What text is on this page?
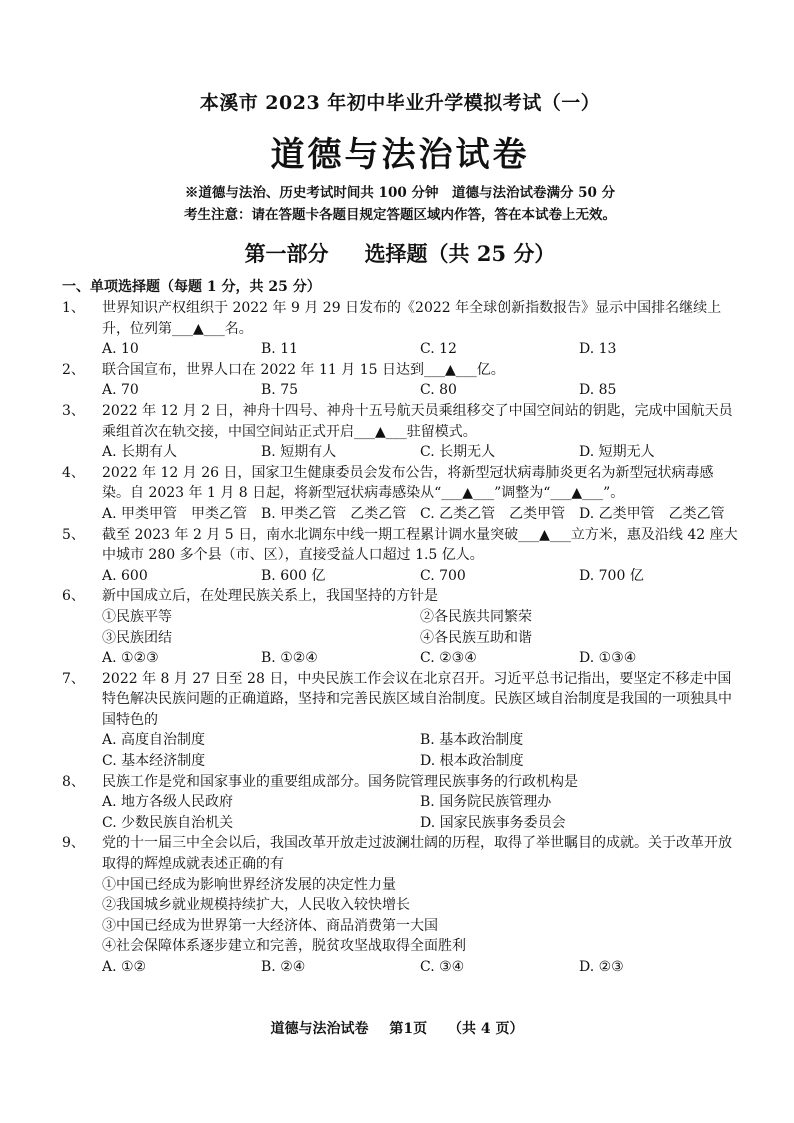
本溪市 2023 年初中毕业升学模拟考试（一）
道德与法治试卷
※道德与法治、历史考试时间共 100 分钟　道德与法治试卷满分 50 分
考生注意：请在答题卡各题目规定答题区域内作答，答在本试卷上无效。
第一部分 选择题（共 25 分）
一、单项选择题（每题 1 分，共 25 分）
1、	世界知识产权组织于 2022 年 9 月 29 日发布的《2022 年全球创新指数报告》显示中国排名继续上升，位列第___▲___名。
A. 10	B. 11	C. 12	D. 13
2、	联合国宣布，世界人口在 2022 年 11 月 15 日达到___▲___亿。
A. 70	B. 75	C. 80	D. 85
3、	2022 年 12 月 2 日，神舟十四号、神舟十五号航天员乘组移交了中国空间站的钥匙，完成中国航天员乘组首次在轨交接，中国空间站正式开启___▲___驻留模式。
A. 长期有人	B. 短期有人	C. 长期无人	D. 短期无人
4、	2022 年 12 月 26 日，国家卫生健康委员会发布公告，将新型冠状病毒肺炎更名为新型冠状病毒感染。自 2023 年 1 月 8 日起，将新型冠状病毒感染从“___▲___”调整为“___▲___”。
A. 甲类甲管　甲类乙管 B. 甲类乙管　乙类乙管 C. 乙类乙管　乙类甲管 D. 乙类甲管　乙类乙管
5、	截至 2023 年 2 月 5 日，南水北调东中线一期工程累计调水量突破___▲___立方米，惠及沿线 42 座大中城市 280 多个县（市、区），直接受益人口超过 1.5 亿人。
A. 600	B. 600 亿	C. 700	D. 700 亿
6、	新中国成立后，在处理民族关系上，我国坚持的方针是
①民族平等	②各民族共同繁荣
③民族团结	④各民族互助和谐
A. ①②③	B. ①②④	C. ②③④	D. ①③④
7、	2022 年 8 月 27 日至 28 日，中央民族工作会议在北京召开。习近平总书记指出，要坚定不移走中国特色解决民族问题的正确道路，坚持和完善民族区域自治制度。民族区域自治制度是我国的一项独具中国特色的
A. 高度自治制度	B. 基本政治制度
C. 基本经济制度	D. 根本政治制度
8、	民族工作是党和国家事业的重要组成部分。国务院管理民族事务的行政机构是
A. 地方各级人民政府	B. 国务院民族管理办
C. 少数民族自治机关	D. 国家民族事务委员会
9、	党的十一届三中全会以后，我国改革开放走过波澜壮阔的历程，取得了举世瞩目的成就。关于改革开放取得的辉煌成就表述正确的有
①中国已经成为影响世界经济发展的决定性力量
②我国城乡就业规模持续扩大，人民收入较快增长
③中国已经成为世界第一大经济体、商品消费第一大国
④社会保障体系逐步建立和完善，脱贫攻坚战取得全面胜利
A. ①②	B. ②④	C. ③④	D. ②③
道德与法治试卷 第1页 （共 4 页）
